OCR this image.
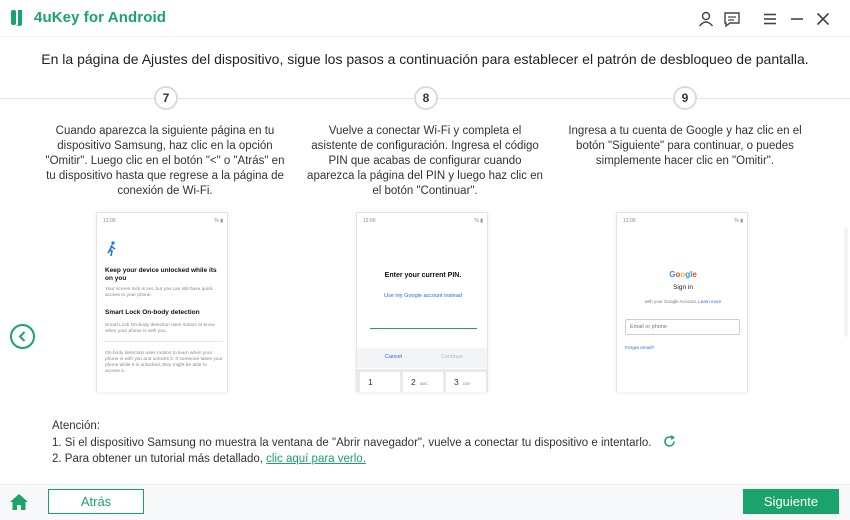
4uKey for Android
En la página de Ajustes del dispositivo, sigue los pasos a continuación para establecer el patrón de desbloqueo de pantalla.
7	8	9
Cuando aparezca la siguiente página en tu dispositivo Samsung, haz clic en la opción "Omitir". Luego clic en el botón "<" o "Atrás" en tu dispositivo hasta que regrese a la página de conexión de Wi-Fi.
Vuelve a conectar Wi-Fi y completa el asistente de configuración. Ingresa el código PIN que acabas de configurar cuando aparezca la página del PIN y luego haz clic en el botón "Continuar".
Ingresa a tu cuenta de Google y haz clic en el botón "Siguiente" para continuar, o puedes simplemente hacer clic en "Omitir".
12:00	% ▮
Keep your device unlocked while its on you
Your screen lock is set, but you can still have quick access to your phone.
Smart Lock On-body detection
Smart Lock On-body detection uses motion to know when your phone is with you.
On-body detection uses motion to learn when your phone is with you and unlocks it. If someone takes your phone while it is unlocked, they might be able to access it.
12:00	% ▮
Enter your current PIN.
Use my Google account instead
Cancel	Continue
1	2 ABC	3 DEF
12:00	% ▮
Google
Sign in
with your Google Account. Learn more
Email or phone
Forgot email?
Atención:
1. Si el dispositivo Samsung no muestra la ventana de "Abrir navegador", vuelve a conectar tu dispositivo e intentarlo.
2. Para obtener un tutorial más detallado, clic aquí para verlo.
Atrás	Siguiente
